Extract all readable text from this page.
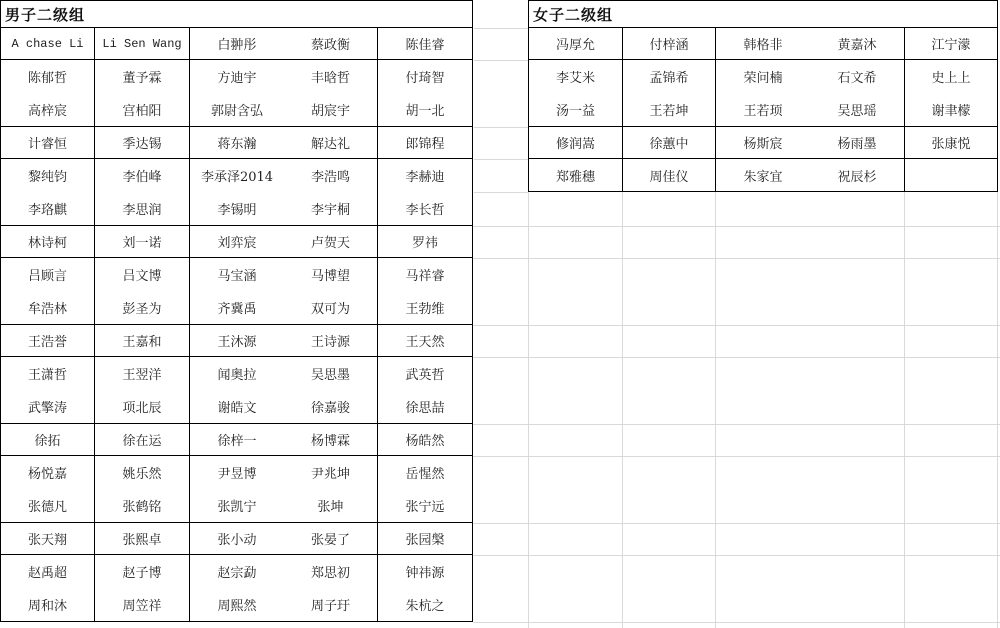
男子二级组
A chase Li	Li Sen Wang	白翀彤	蔡政衡	陈佳睿
陈郁哲	董予霖	方迪宇	丰晗哲	付琦智
高梓宸	宫柏阳	郭尉含弘	胡宸宇	胡一北
计睿恒	季达锡	蒋东瀚	解达礼	郎锦程
黎纯钧	李伯峰	李承泽2014	李浩鸣	李赫迪
李珞麒	李思润	李锡明	李宇桐	李长哲
林诗柯	刘一诺	刘弈宸	卢贺天	罗祎
吕顾言	吕文博	马宝涵	马博望	马祥睿
牟浩林	彭圣为	齐冀禹	双可为	王勃维
王浩誉	王嘉和	王沐源	王诗源	王天然
王潇哲	王翌洋	闻奥拉	吴思墨	武英哲
武擎涛	项北辰	谢皓文	徐嘉骏	徐思喆
徐拓	徐在运	徐梓一	杨博霖	杨皓然
杨悦嘉	姚乐然	尹昱博	尹兆坤	岳惺然
张德凡	张鹤铭	张凯宁	张坤	张宁远
张天翔	张熙卓	张小动	张晏了	张园槃
赵禹超	赵子博	赵宗勐	郑思初	钟祎源
周和沐	周笠祥	周熙然	周子玗	朱杭之
女子二级组
冯厚允	付梓涵	韩格非	黄嘉沐	江宁濛
李艾米	孟锦希	荣问楠	石文希	史上上
汤一益	王若坤	王若顼	吴思瑶	谢聿檬
修润嵩	徐蕙中	杨斯宸	杨雨墨	张康悦
郑雅穗	周佳仪	朱家宜	祝辰杉
